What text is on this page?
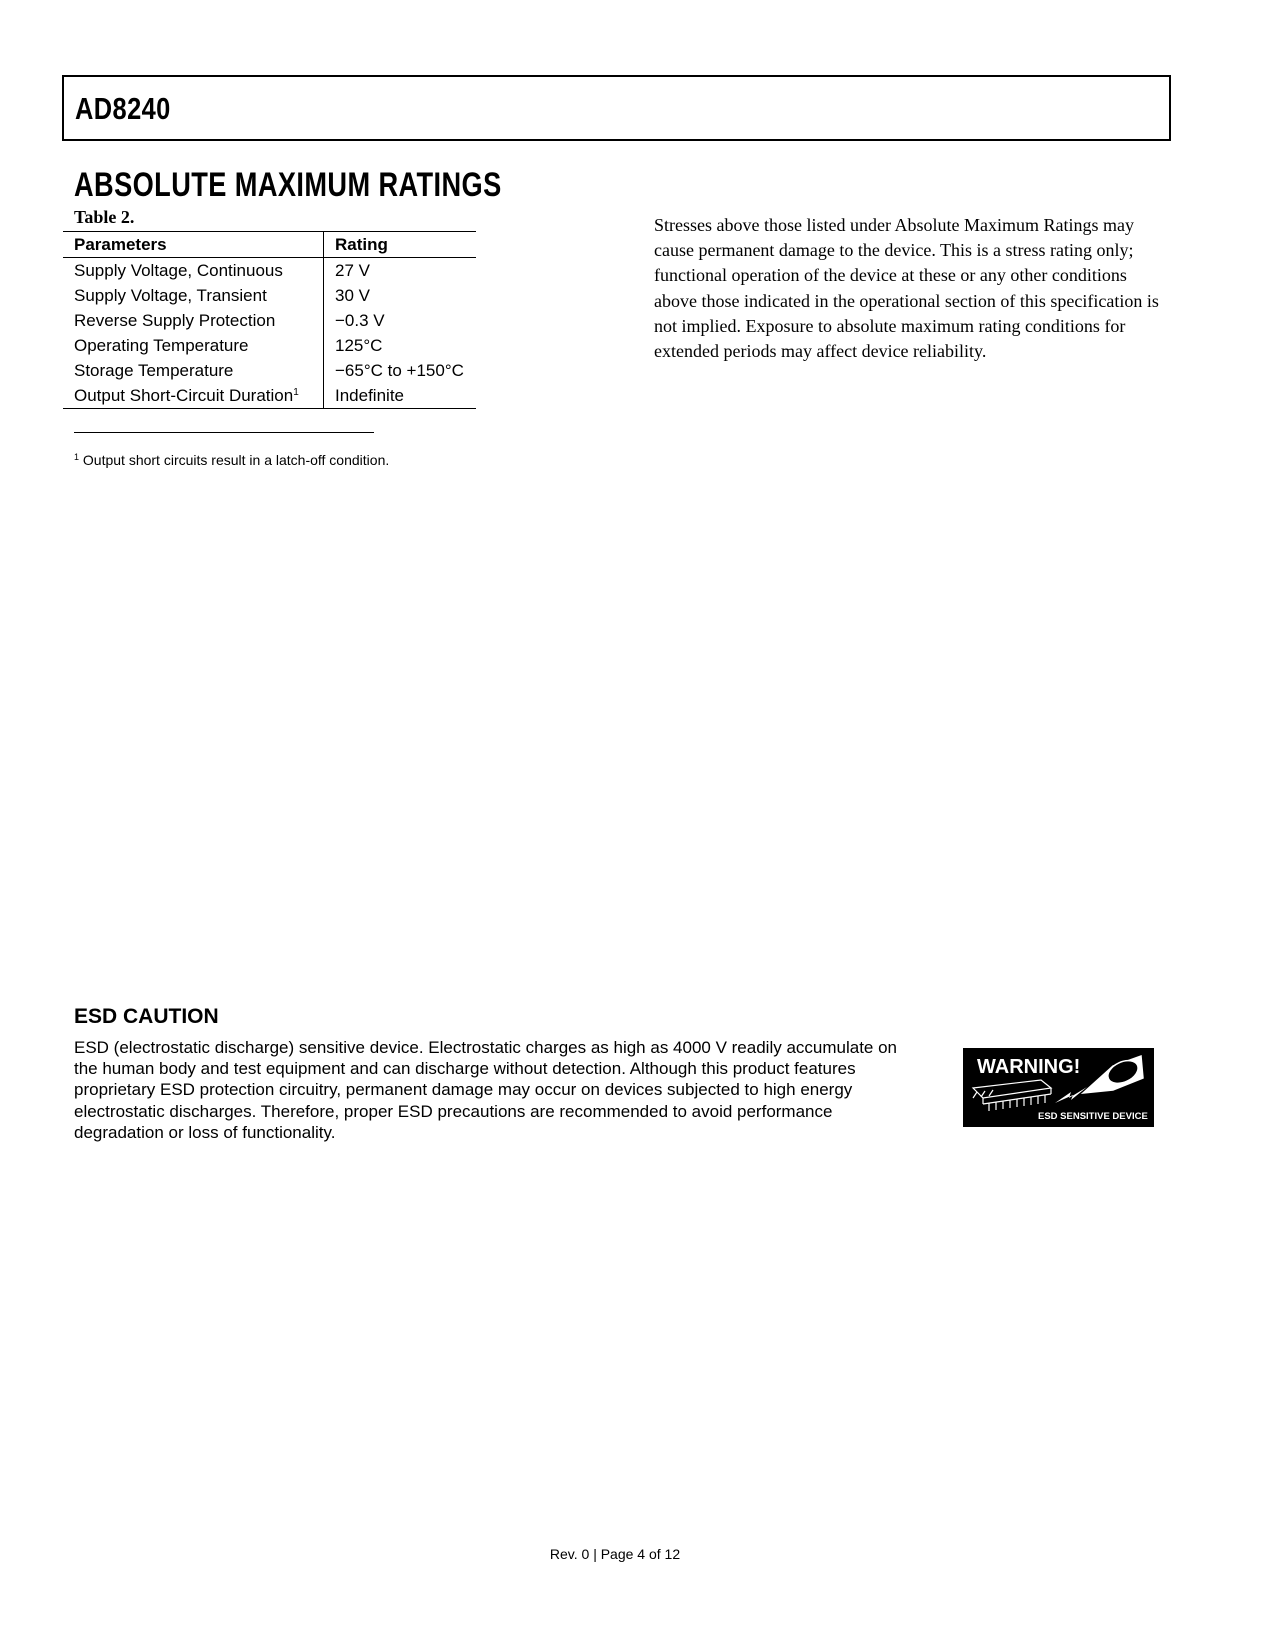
AD8240
ABSOLUTE MAXIMUM RATINGS
Table 2.
Parameters	Rating
Supply Voltage, Continuous	27 V
Supply Voltage, Transient	30 V
Reverse Supply Protection	−0.3 V
Operating Temperature	125°C
Storage Temperature	−65°C to +150°C
Output Short-Circuit Duration$^1$	Indefinite
$^1$ Output short circuits result in a latch-off condition.

Stresses above those listed under Absolute Maximum Ratings may cause permanent damage to the device. This is a stress rating only; functional operation of the device at these or any other conditions above those indicated in the operational section of this specification is not implied. Exposure to absolute maximum rating conditions for extended periods may affect device reliability.

ESD CAUTION

ESD (electrostatic discharge) sensitive device. Electrostatic charges as high as 4000 V readily accumulate on the human body and test equipment and can discharge without detection. Although this product features proprietary ESD protection circuitry, permanent damage may occur on devices subjected to high energy electrostatic discharges. Therefore, proper ESD precautions are recommended to avoid performance degradation or loss of functionality.

WARNING!
ESD SENSITIVE DEVICE
Rev. 0 | Page 4 of 12
